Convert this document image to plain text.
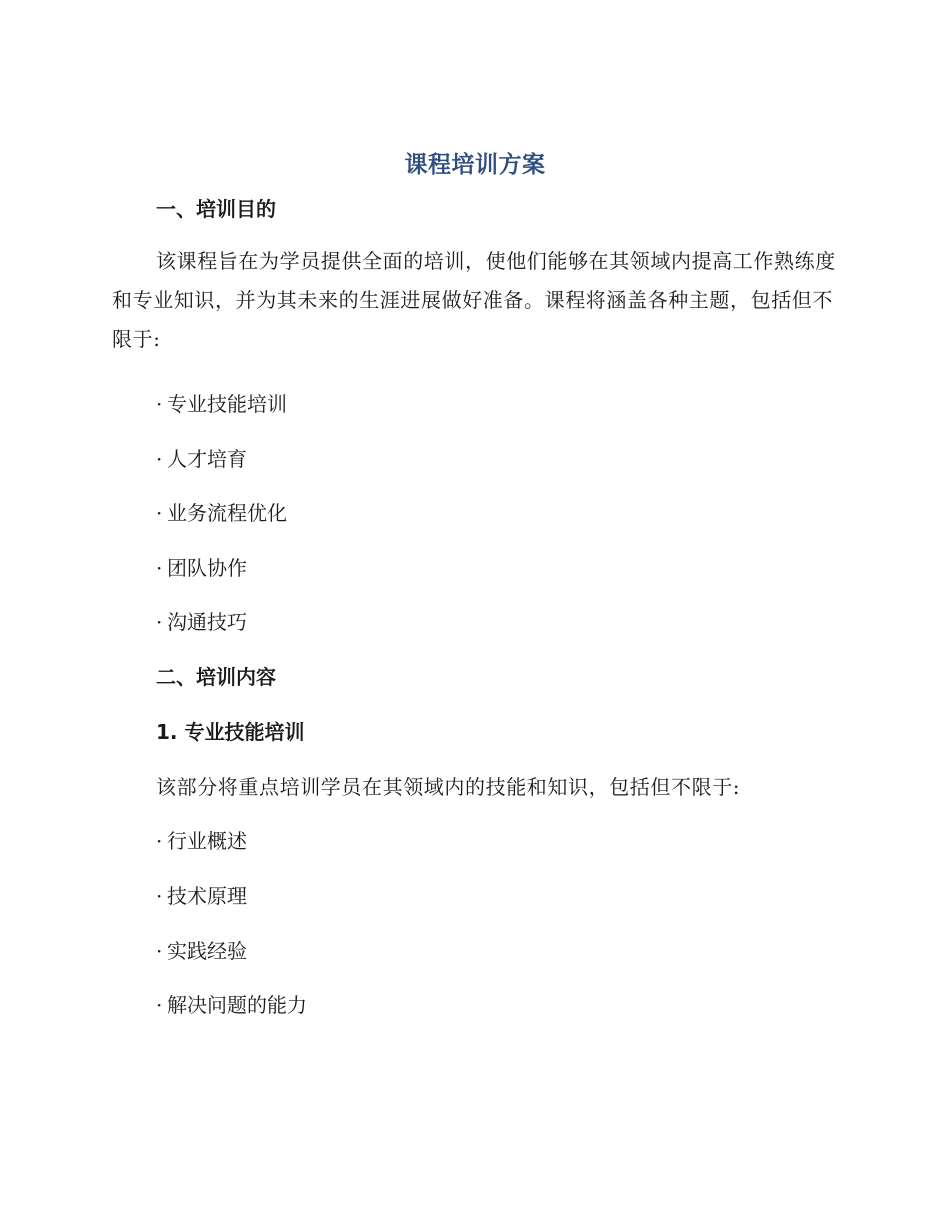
课程培训方案
一、培训目的
该课程旨在为学员提供全面的培训，使他们能够在其领域内提高工作熟练度和专业知识，并为其未来的生涯进展做好准备。课程将涵盖各种主题，包括但不限于:
· 专业技能培训
· 人才培育
· 业务流程优化
· 团队协作
· 沟通技巧
二、培训内容
1. 专业技能培训
该部分将重点培训学员在其领域内的技能和知识，包括但不限于:
· 行业概述
· 技术原理
· 实践经验
· 解决问题的能力
